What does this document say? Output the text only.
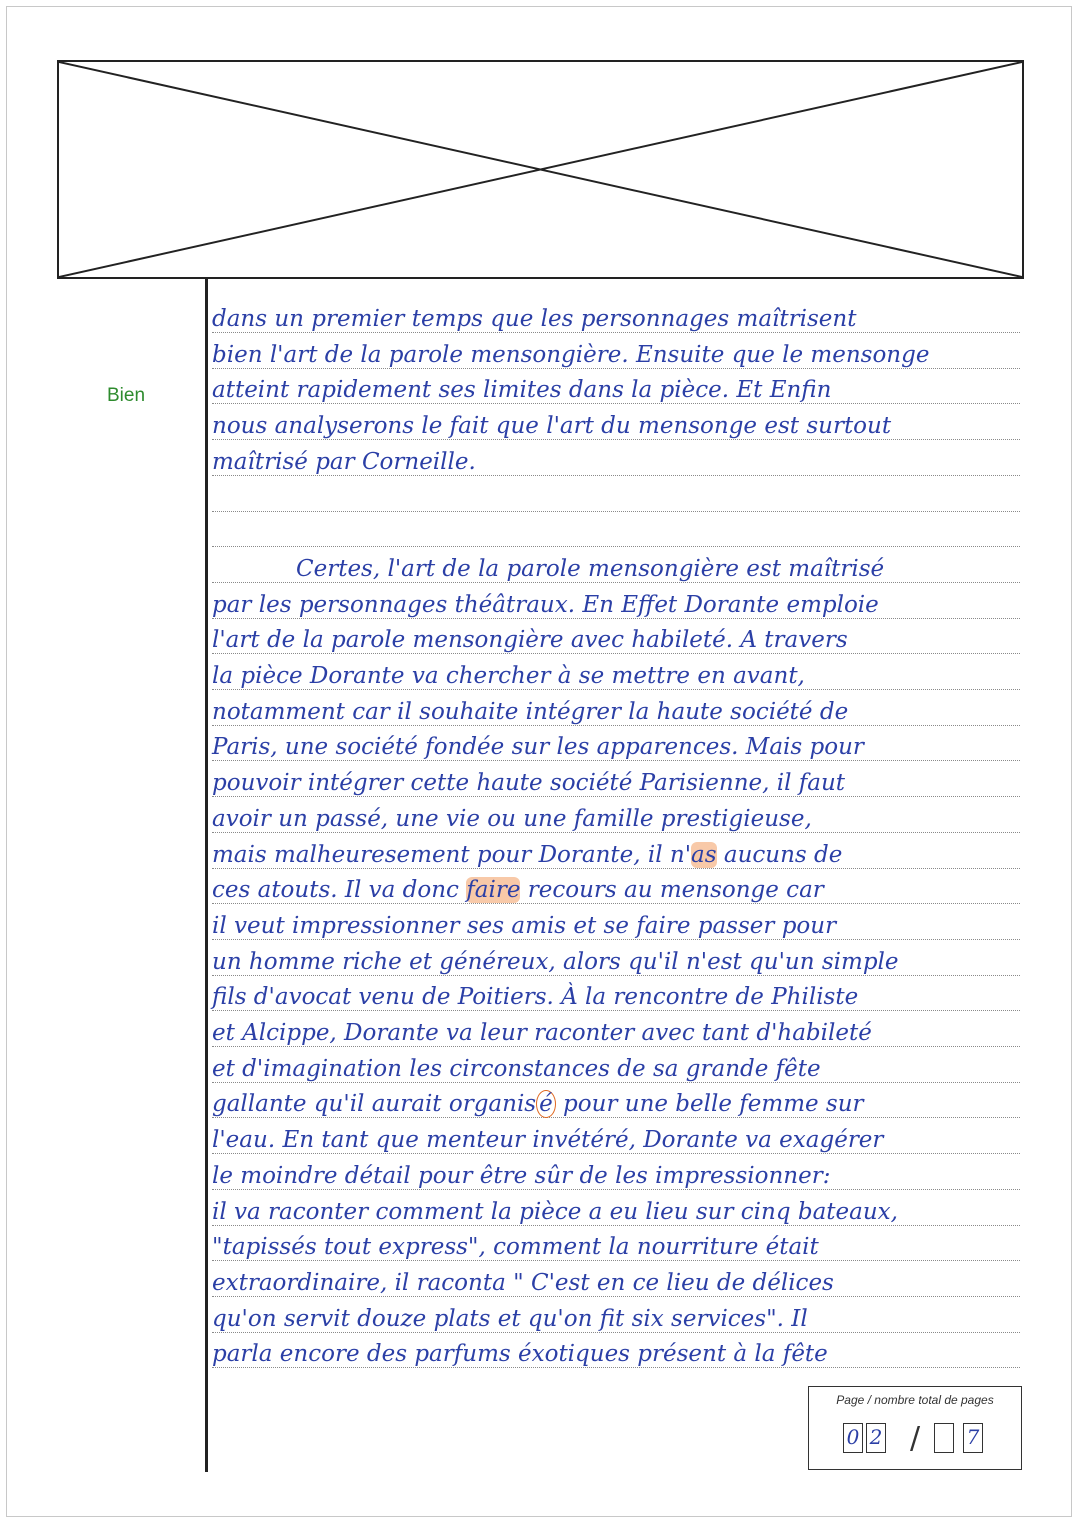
Bien
dans un premier temps que les personnages maîtrisent
bien l'art de la parole mensongière. Ensuite que le mensonge
atteint rapidement ses limites dans la pièce. Et Enfin
nous analyserons le fait que l'art du mensonge est surtout
maîtrisé par Corneille.
Certes, l'art de la parole mensongière est maîtrisé
par les personnages théâtraux. En Effet Dorante emploie
l'art de la parole mensongière avec habileté. A travers
la pièce Dorante va chercher à se mettre en avant,
notamment car il souhaite intégrer la haute société de
Paris, une société fondée sur les apparences. Mais pour
pouvoir intégrer cette haute société Parisienne, il faut
avoir un passé, une vie ou une famille prestigieuse,
mais malheuresement pour Dorante, il n'as aucuns de
ces atouts. Il va donc faire recours au mensonge car
il veut impressionner ses amis et se faire passer pour
un homme riche et généreux, alors qu'il n'est qu'un simple
fils d'avocat venu de Poitiers. À la rencontre de Philiste
et Alcippe, Dorante va leur raconter avec tant d'habileté
et d'imagination les circonstances de sa grande fête
gallante qu'il aurait organis é pour une belle femme sur
l'eau. En tant que menteur invétéré, Dorante va exagérer
le moindre détail pour être sûr de les impressionner:
il va raconter comment la pièce a eu lieu sur cinq bateaux,
"tapissés tout express", comment la nourriture était
extraordinaire, il raconta " C'est en ce lieu de délices
qu'on servit douze plats et qu'on fit six services". Il
parla encore des parfums éxotiques présent à la fête
Page / nombre total de pages
0 2 / 7
